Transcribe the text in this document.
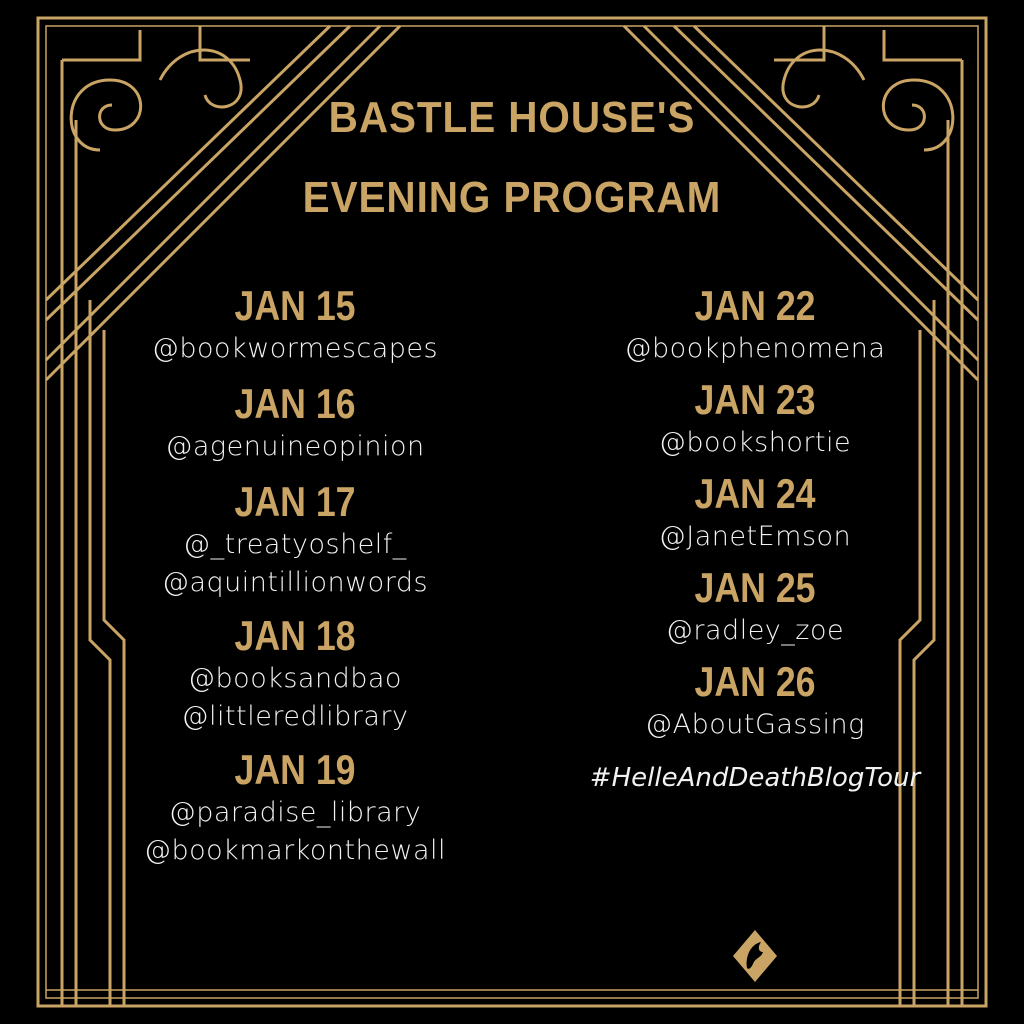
BASTLE HOUSE'S
EVENING PROGRAM
JAN 15
@bookwormescapes
JAN 16
@agenuineopinion
JAN 17
@_treatyoshelf_
@aquintillionwords
JAN 18
@booksandbao
@littleredlibrary
JAN 19
@paradise_library
@bookmarkonthewall
JAN 22
@bookphenomena
JAN 23
@bookshortie
JAN 24
@JanetEmson
JAN 25
@radley_zoe
JAN 26
@AboutGassing
#HelleAndDeathBlogTour
